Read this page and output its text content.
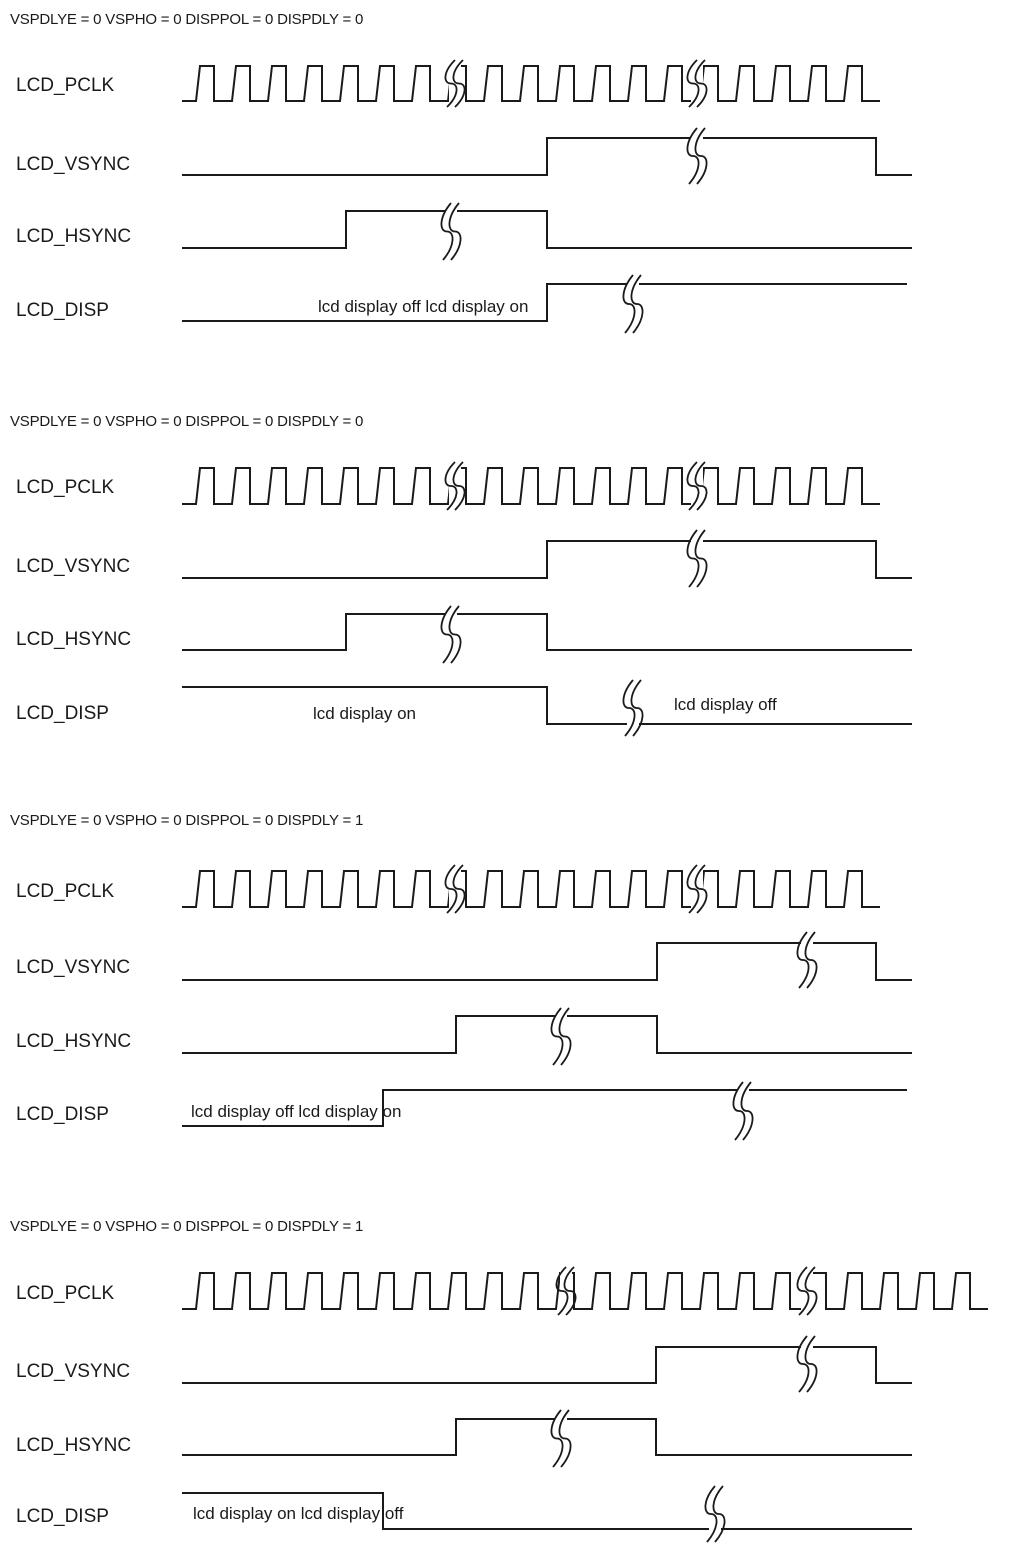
VSPDLYE = 0 VSPHO = 0 DISPPOL = 0 DISPDLY = 0
LCD_PCLK
LCD_VSYNC
LCD_HSYNC
LCD_DISP	lcd display off lcd display on
VSPDLYE = 0 VSPHO = 0 DISPPOL = 0 DISPDLY = 0
LCD_PCLK
LCD_VSYNC
LCD_HSYNC
LCD_DISP	lcd display on	lcd display off
VSPDLYE = 0 VSPHO = 0 DISPPOL = 0 DISPDLY = 1
LCD_PCLK
LCD_VSYNC
LCD_HSYNC
LCD_DISP	lcd display off lcd display on
VSPDLYE = 0 VSPHO = 0 DISPPOL = 0 DISPDLY = 1
LCD_PCLK
LCD_VSYNC
LCD_HSYNC
LCD_DISP	lcd display on lcd display off
